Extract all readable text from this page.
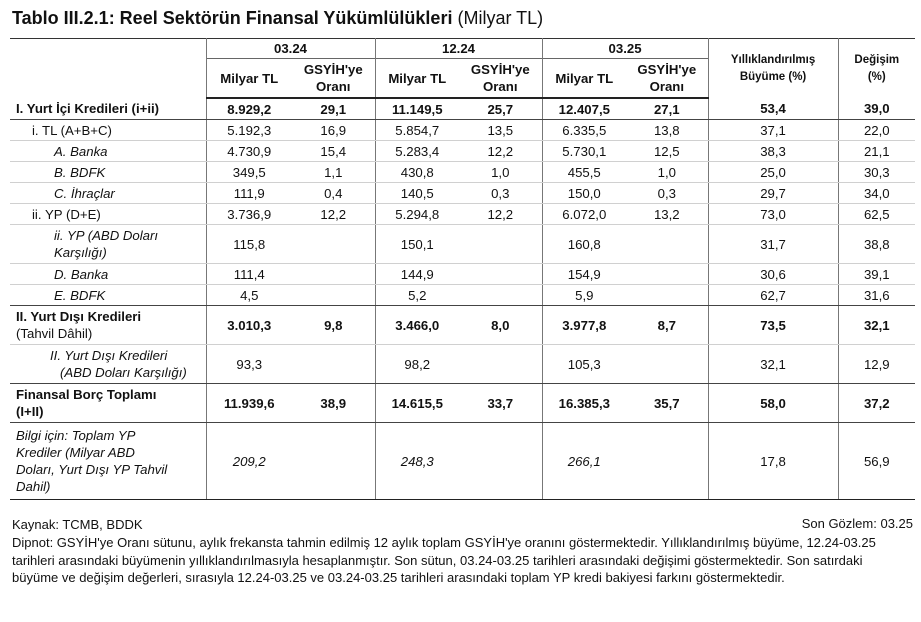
Tablo III.2.1: Reel Sektörün Finansal Yükümlülükleri (Milyar TL)
	03.24		12.24		03.25		Yıllıklandırılmış Büyüme (%)	Değişim (%)
	Milyar TL	GSYİH'ye Oranı	Milyar TL	GSYİH'ye Oranı	Milyar TL	GSYİH'ye Oranı		
I. Yurt İçi Kredileri (i+ii)	8.929,2	29,1	11.149,5	25,7	12.407,5	27,1	53,4	39,0
i. TL (A+B+C)	5.192,3	16,9	5.854,7	13,5	6.335,5	13,8	37,1	22,0
A. Banka	4.730,9	15,4	5.283,4	12,2	5.730,1	12,5	38,3	21,1
B. BDFK	349,5	1,1	430,8	1,0	455,5	1,0	25,0	30,3
C. İhraçlar	111,9	0,4	140,5	0,3	150,0	0,3	29,7	34,0
ii. YP (D+E)	3.736,9	12,2	5.294,8	12,2	6.072,0	13,2	73,0	62,5

ii. YP (ABD Doları
Karşılığı)	115,8		150,1		160,8		31,7	38,8
D. Banka	111,4		144,9		154,9		30,6	39,1
E. BDFK	4,5		5,2		5,9		62,7	31,6

II. Yurt Dışı Kredileri
(Tahvil Dâhil)	3.010,3	9,8	3.466,0	8,0	3.977,8	8,7	73,5	32,1

II. Yurt Dışı Kredileri
(ABD Doları Karşılığı)	93,3		98,2		105,3		32,1	12,9

Finansal Borç Toplamı
(I+II)	11.939,6	38,9	14.615,5	33,7	16.385,3	35,7	58,0	37,2

Bilgi için: Toplam YP
Krediler (Milyar ABD
Doları, Yurt Dışı YP Tahvil
Dahil)	209,2		248,3		266,1		17,8	56,9
Kaynak: TCMB, BDDK	Son Gözlem: 03.25
Dipnot: GSYİH'ye Oranı sütunu, aylık frekansta tahmin edilmiş 12 aylık toplam GSYİH'ye oranını göstermektedir. Yıllıklandırılmış büyüme, 12.24-03.25 tarihleri arasındaki büyümenin yıllıklandırılmasıyla hesaplanmıştır. Son sütun, 03.24-03.25 tarihleri arasındaki değişimi göstermektedir. Son satırdaki büyüme ve değişim değerleri, sırasıyla 12.24-03.25 ve 03.24-03.25 tarihleri arasındaki toplam YP kredi bakiyesi farkını göstermektedir.
